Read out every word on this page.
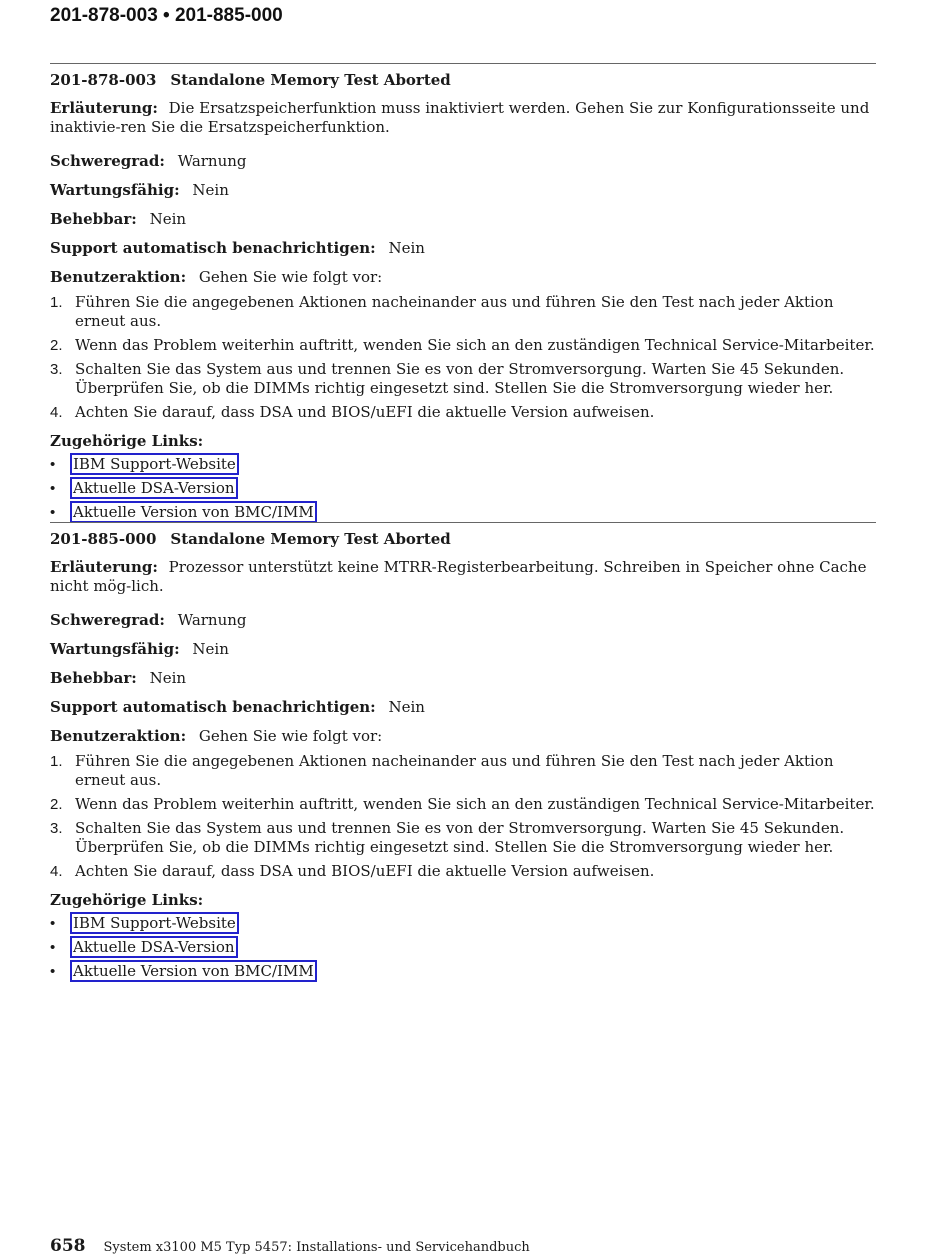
201-878-003 • 201-885-000
201-878-003 Standalone Memory Test Aborted
Erläuterung: Die Ersatzspeicherfunktion muss inaktiviert werden. Gehen Sie zur Konfigurationsseite und inaktivie-ren Sie die Ersatzspeicherfunktion.
Schweregrad: Warnung
Wartungsfähig: Nein
Behebbar: Nein
Support automatisch benachrichtigen: Nein
Benutzeraktion: Gehen Sie wie folgt vor:
1. Führen Sie die angegebenen Aktionen nacheinander aus und führen Sie den Test nach jeder Aktion erneut aus.
2. Wenn das Problem weiterhin auftritt, wenden Sie sich an den zuständigen Technical Service-Mitarbeiter.
3. Schalten Sie das System aus und trennen Sie es von der Stromversorgung. Warten Sie 45 Sekunden. Überprüfen Sie, ob die DIMMs richtig eingesetzt sind. Stellen Sie die Stromversorgung wieder her.
4. Achten Sie darauf, dass DSA und BIOS/uEFI die aktuelle Version aufweisen.
Zugehörige Links:
• IBM Support-Website
• Aktuelle DSA-Version
• Aktuelle Version von BMC/IMM
201-885-000 Standalone Memory Test Aborted
Erläuterung: Prozessor unterstützt keine MTRR-Registerbearbeitung. Schreiben in Speicher ohne Cache nicht mög-lich.
Schweregrad: Warnung
Wartungsfähig: Nein
Behebbar: Nein
Support automatisch benachrichtigen: Nein
Benutzeraktion: Gehen Sie wie folgt vor:
1. Führen Sie die angegebenen Aktionen nacheinander aus und führen Sie den Test nach jeder Aktion erneut aus.
2. Wenn das Problem weiterhin auftritt, wenden Sie sich an den zuständigen Technical Service-Mitarbeiter.
3. Schalten Sie das System aus und trennen Sie es von der Stromversorgung. Warten Sie 45 Sekunden. Überprüfen Sie, ob die DIMMs richtig eingesetzt sind. Stellen Sie die Stromversorgung wieder her.
4. Achten Sie darauf, dass DSA und BIOS/uEFI die aktuelle Version aufweisen.
Zugehörige Links:
• IBM Support-Website
• Aktuelle DSA-Version
• Aktuelle Version von BMC/IMM
658 System x3100 M5 Typ 5457: Installations- und Servicehandbuch
